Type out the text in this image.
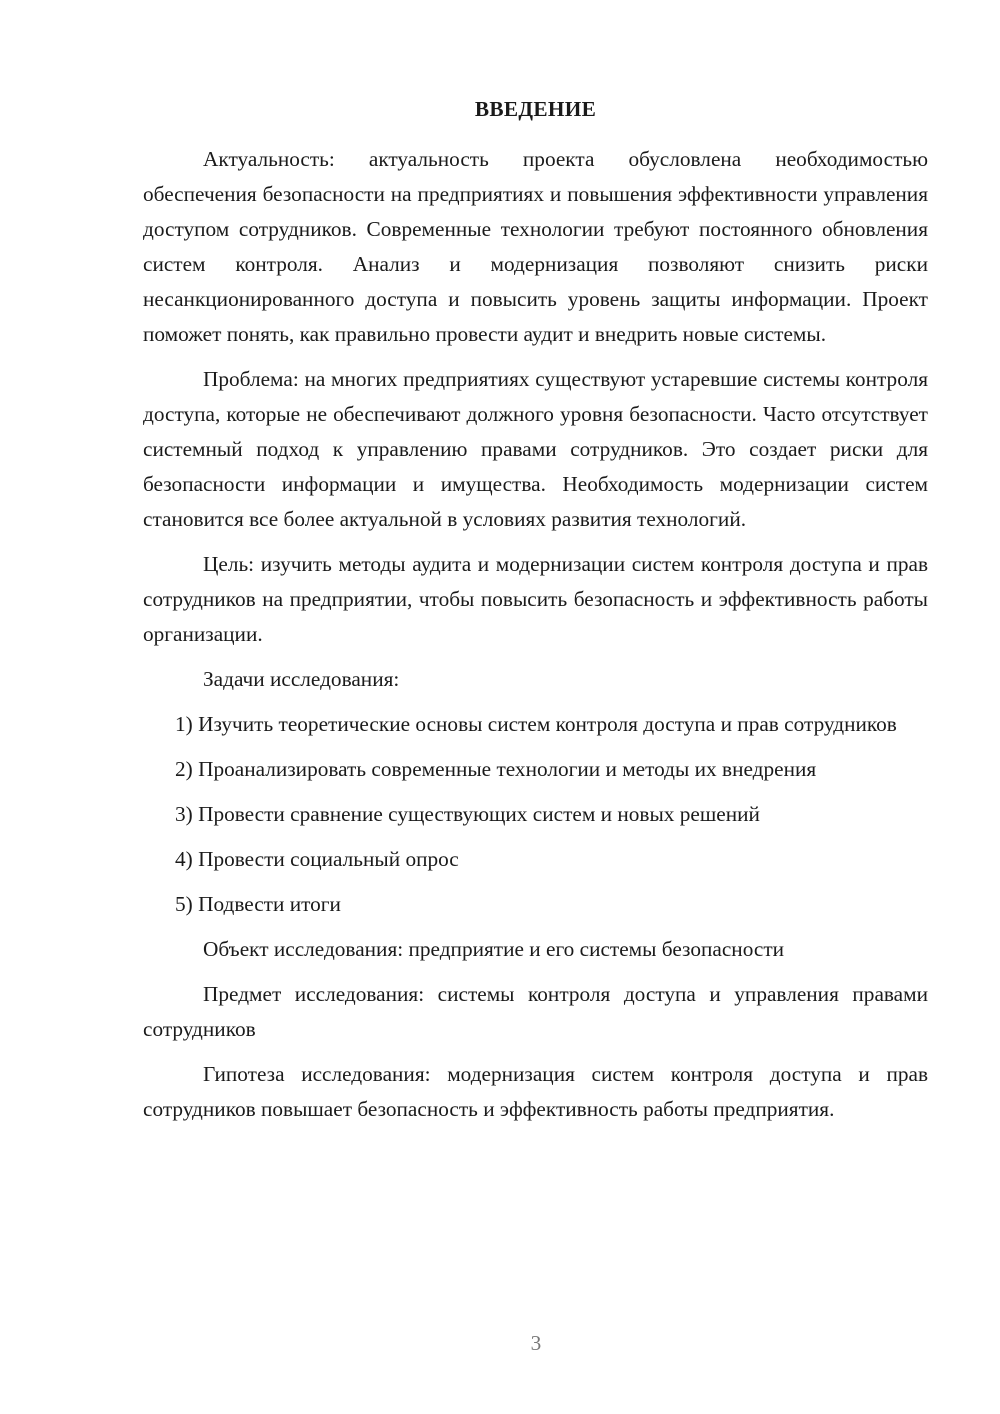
ВВЕДЕНИЕ

Актуальность: актуальность проекта обусловлена необходимостью обеспечения безопасности на предприятиях и повышения эффективности управления доступом сотрудников. Современные технологии требуют постоянного обновления систем контроля. Анализ и модернизация позволяют снизить риски несанкционированного доступа и повысить уровень защиты информации. Проект поможет понять, как правильно провести аудит и внедрить новые системы.

Проблема: на многих предприятиях существуют устаревшие системы контроля доступа, которые не обеспечивают должного уровня безопасности. Часто отсутствует системный подход к управлению правами сотрудников. Это создает риски для безопасности информации и имущества. Необходимость модернизации систем становится все более актуальной в условиях развития технологий.

Цель: изучить методы аудита и модернизации систем контроля доступа и прав сотрудников на предприятии, чтобы повысить безопасность и эффективность работы организации.

Задачи исследования:

1) Изучить теоретические основы систем контроля доступа и прав сотрудников

2) Проанализировать современные технологии и методы их внедрения

3) Провести сравнение существующих систем и новых решений

4) Провести социальный опрос

5) Подвести итоги

Объект исследования: предприятие и его системы безопасности

Предмет исследования: системы контроля доступа и управления правами сотрудников

Гипотеза исследования: модернизация систем контроля доступа и прав сотрудников повышает безопасность и эффективность работы предприятия.

3
